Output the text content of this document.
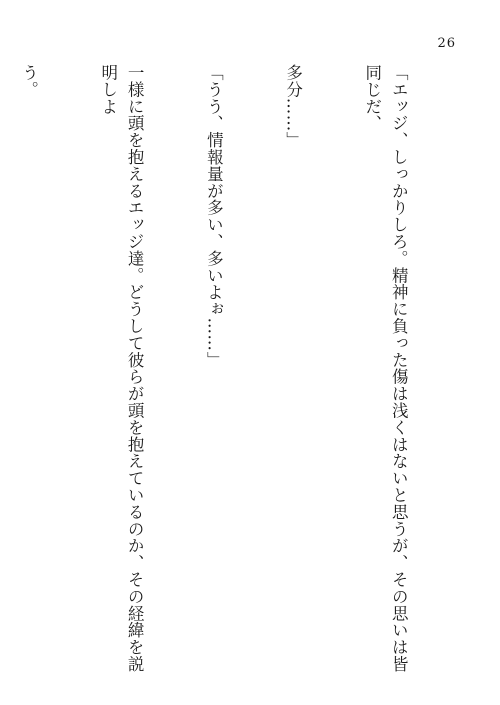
26

「エッジ、しっかりしろ。精神に負った傷は浅くはないと思うが、その思いは皆同じだ、

多分……」

「うう、情報量が多い、多いよぉ……」

一様に頭を抱えるエッジ達。どうして彼らが頭を抱えているのか、その経緯を説明しよ

う。
